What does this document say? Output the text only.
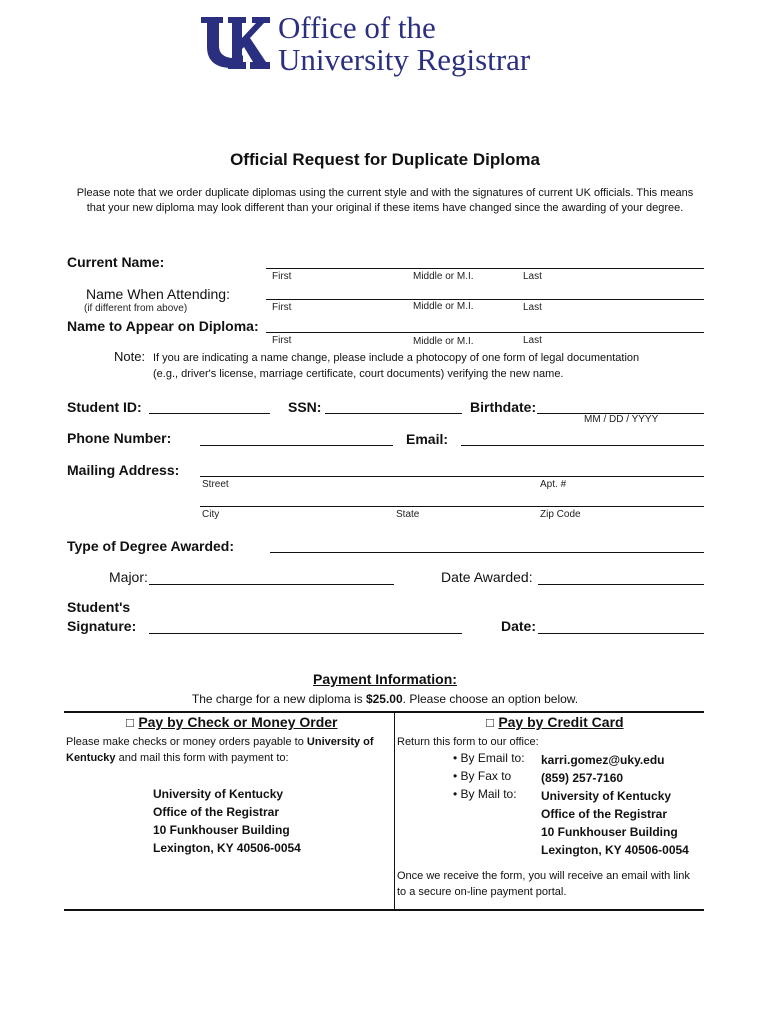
Office of the
University Registrar
Official Request for Duplicate Diploma
Please note that we order duplicate diplomas using the current style and with the signatures of current UK officials. This means that your new diploma may look different than your original if these items have changed since the awarding of your degree.
Current Name:
First	Middle or M.I.	Last
Name When Attending:
(if different from above)	First	Middle or M.I.	Last
Name to Appear on Diploma:
First	Middle or M.I.	Last
Note: If you are indicating a name change, please include a photocopy of one form of legal documentation
(e.g., driver's license, marriage certificate, court documents) verifying the new name.
Student ID:	SSN:	Birthdate:
MM / DD / YYYY
Phone Number:	Email:
Mailing Address:
Street	Apt. #
City	State	Zip Code
Type of Degree Awarded:
Major:	Date Awarded:
Student's
Signature:	Date:
Payment Information:
The charge for a new diploma is $25.00. Please choose an option below.
□ Pay by Check or Money Order
Please make checks or money orders payable to University of
Kentucky and mail this form with payment to:
University of Kentucky
Office of the Registrar
10 Funkhouser Building
Lexington, KY 40506-0054
□ Pay by Credit Card
Return this form to our office:
• By Email to: karri.gomez@uky.edu
• By Fax to (859) 257-7160
• By Mail to: University of Kentucky
Office of the Registrar
10 Funkhouser Building
Lexington, KY 40506-0054
Once we receive the form, you will receive an email with link
to a secure on-line payment portal.
